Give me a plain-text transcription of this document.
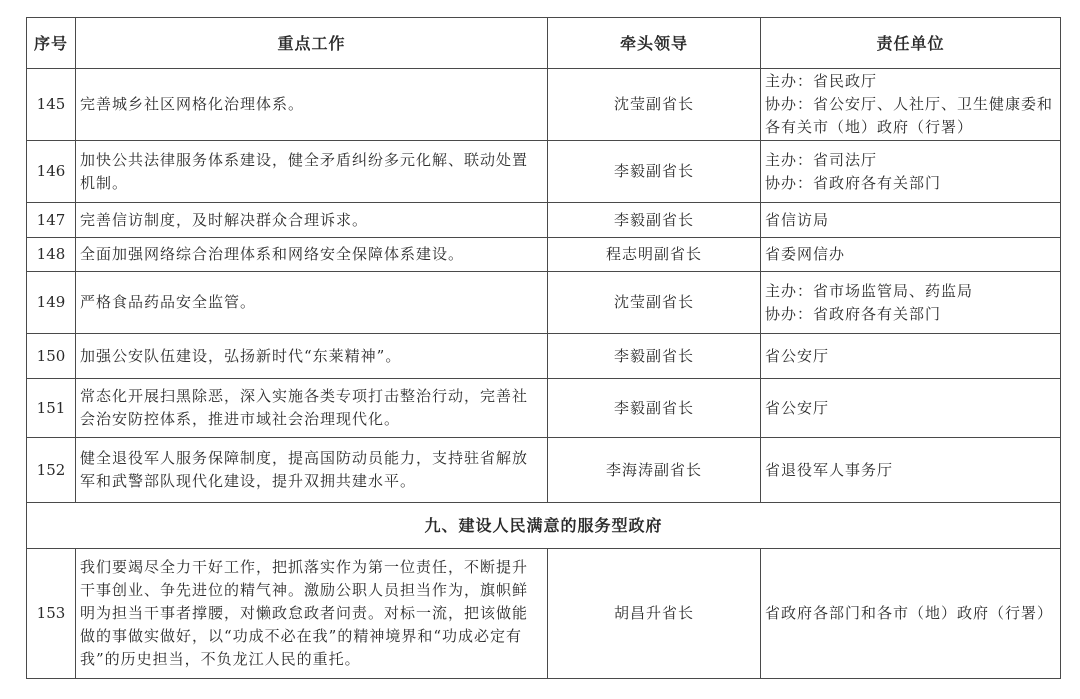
序号	重点工作	牵头领导	责任单位
145	完善城乡社区网格化治理体系。	沈莹副省长	主办：省民政厅
协办：省公安厅、人社厅、卫生健康委和各有关市（地）政府（行署）

146	加快公共法律服务体系建设，健全矛盾纠纷多元化解、联动处置机制。	李毅副省长	主办：省司法厅
协办：省政府各有关部门

147	完善信访制度，及时解决群众合理诉求。	李毅副省长	省信访局
148	全面加强网络综合治理体系和网络安全保障体系建设。	程志明副省长	省委网信办
149	严格食品药品安全监管。	沈莹副省长	主办：省市场监管局、药监局
协办：省政府各有关部门

150	加强公安队伍建设，弘扬新时代“东莱精神”。	李毅副省长	省公安厅
151	常态化开展扫黑除恶，深入实施各类专项打击整治行动，完善社会治安防控体系，推进市域社会治理现代化。	李毅副省长	省公安厅
152	健全退役军人服务保障制度，提高国防动员能力，支持驻省解放军和武警部队现代化建设，提升双拥共建水平。	李海涛副省长	省退役军人事务厅
九、建设人民满意的服务型政府			
153	我们要竭尽全力干好工作，把抓落实作为第一位责任，不断提升干事创业、争先进位的精气神。激励公职人员担当作为，旗帜鲜明为担当干事者撑腰，对懒政怠政者问责。对标一流，把该做能做的事做实做好，以“功成不必在我”的精神境界和“功成必定有我”的历史担当，不负龙江人民的重托。	胡昌升省长	省政府各部门和各市（地）政府（行署）
